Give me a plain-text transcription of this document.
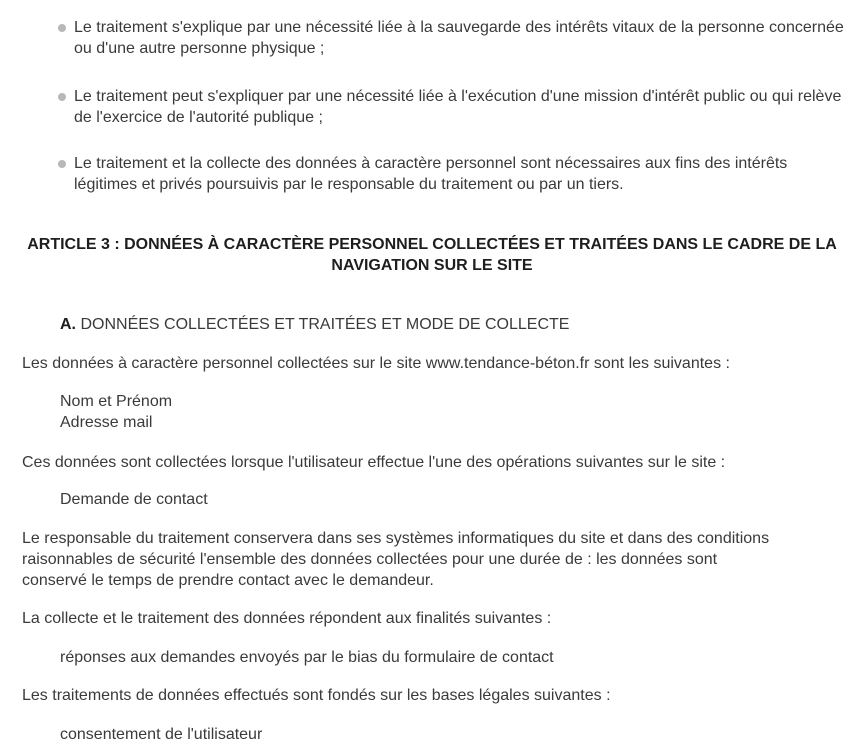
Le traitement s'explique par une nécessité liée à la sauvegarde des intérêts vitaux de la personne concernée ou d'une autre personne physique ;
Le traitement peut s'expliquer par une nécessité liée à l'exécution d'une mission d'intérêt public ou qui relève de l'exercice de l'autorité publique ;
Le traitement et la collecte des données à caractère personnel sont nécessaires aux fins des intérêts légitimes et privés poursuivis par le responsable du traitement ou par un tiers.
ARTICLE 3 : DONNÉES À CARACTÈRE PERSONNEL COLLECTÉES ET TRAITÉES DANS LE CADRE DE LA
NAVIGATION SUR LE SITE
A. DONNÉES COLLECTÉES ET TRAITÉES ET MODE DE COLLECTE
Les données à caractère personnel collectées sur le site www.tendance-béton.fr sont les suivantes :
Nom et Prénom
Adresse mail
Ces données sont collectées lorsque l'utilisateur effectue l'une des opérations suivantes sur le site :
Demande de contact
Le responsable du traitement conservera dans ses systèmes informatiques du site et dans des conditions
raisonnables de sécurité l'ensemble des données collectées pour une durée de : les données sont
conservé le temps de prendre contact avec le demandeur.
La collecte et le traitement des données répondent aux finalités suivantes :
réponses aux demandes envoyés par le bias du formulaire de contact
Les traitements de données effectués sont fondés sur les bases légales suivantes :
consentement de l'utilisateur
